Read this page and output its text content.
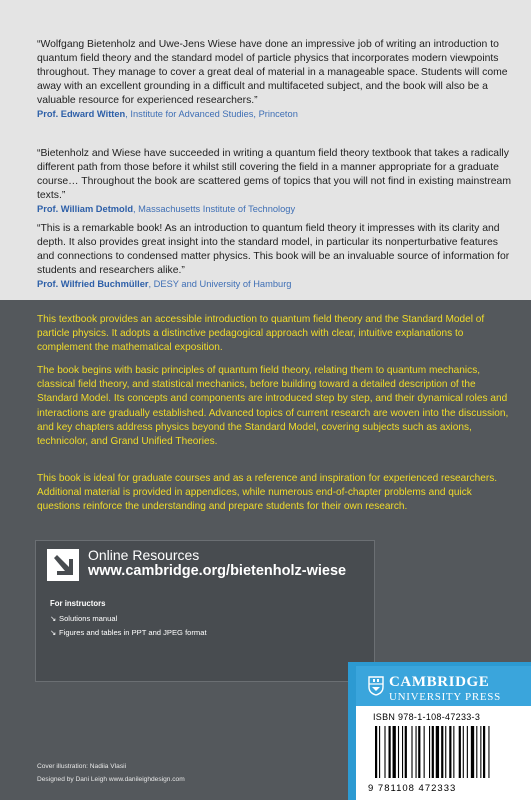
“Wolfgang Bietenholz and Uwe-Jens Wiese have done an impressive job of writing an introduction to quantum field theory and the standard model of particle physics that incorporates modern viewpoints throughout. They manage to cover a great deal of material in a manageable space. Students will come away with an excellent grounding in a difficult and multifaceted subject, and the book will also be a valuable resource for experienced researchers.”
Prof. Edward Witten, Institute for Advanced Studies, Princeton
“Bietenholz and Wiese have succeeded in writing a quantum field theory textbook that takes a radically different path from those before it whilst still covering the field in a manner appropriate for a graduate course… Throughout the book are scattered gems of topics that you will not find in existing mainstream texts.”
Prof. William Detmold, Massachusetts Institute of Technology
“This is a remarkable book! As an introduction to quantum field theory it impresses with its clarity and depth. It also provides great insight into the standard model, in particular its nonperturbative features and connections to condensed matter physics. This book will be an invaluable source of information for students and researchers alike.”
Prof. Wilfried Buchmüller, DESY and University of Hamburg
This textbook provides an accessible introduction to quantum field theory and the Standard Model of particle physics. It adopts a distinctive pedagogical approach with clear, intuitive explanations to complement the mathematical exposition.
The book begins with basic principles of quantum field theory, relating them to quantum mechanics, classical field theory, and statistical mechanics, before building toward a detailed description of the Standard Model. Its concepts and components are introduced step by step, and their dynamical roles and interactions are gradually established. Advanced topics of current research are woven into the discussion, and key chapters address physics beyond the Standard Model, covering subjects such as axions, technicolor, and Grand Unified Theories.
This book is ideal for graduate courses and as a reference and inspiration for experienced researchers. Additional material is provided in appendices, while numerous end-of-chapter problems and quick questions reinforce the understanding and prepare students for their own research.
Online Resources
www.cambridge.org/bietenholz-wiese
For instructors
↘ Solutions manual
↘ Figures and tables in PPT and JPEG format
Cover illustration: Nadiia Vlasii
Designed by Dani Leigh www.danileighdesign.com
CAMBRIDGE
UNIVERSITY PRESS
ISBN 978-1-108-47233-3
9 781108 472333
